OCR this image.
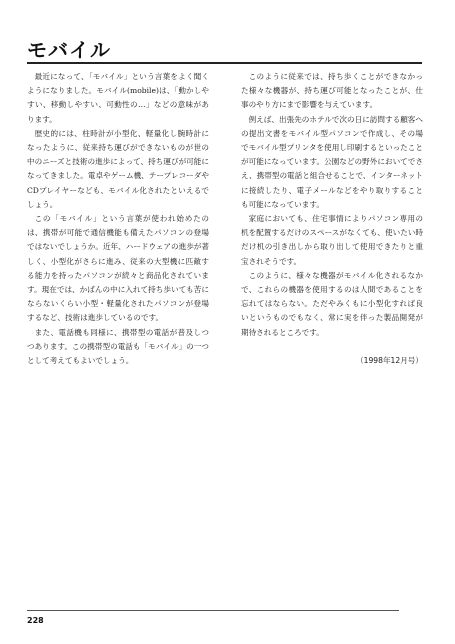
モバイル

最近になって、「モバイル」という言葉をよく聞くようになりました。モバイル(mobile)は、「動かしやすい、移動しやすい、可動性の…」などの意味があります。

歴史的には、柱時計が小型化、軽量化し腕時計になったように、従来持ち運びができないものが世の中のニーズと技術の進歩によって、持ち運びが可能になってきました。電卓やゲーム機、テープレコーダやCDプレイヤーなども、モバイル化されたといえるでしょう。

この「モバイル」という言葉が使われ始めたのは、携帯が可能で通信機能も備えたパソコンの登場ではないでしょうか。近年、ハードウェアの進歩が著しく、小型化がさらに進み、従来の大型機に匹敵する能力を持ったパソコンが続々と商品化されています。現在では、かばんの中に入れて持ち歩いても苦にならないくらい小型・軽量化されたパソコンが登場するなど、技術は進歩しているのです。

また、電話機も同様に、携帯型の電話が普及しつつあります。この携帯型の電話も「モバイル」の一つとして考えてもよいでしょう。

このように従来では、持ち歩くことができなかった様々な機器が、持ち運び可能となったことが、仕事のやり方にまで影響を与えています。

例えば、出張先のホテルで次の日に訪問する顧客への提出文書をモバイル型パソコンで作成し、その場でモバイル型プリンタを使用し印刷するといったことが可能になっています。公園などの野外においてでさえ、携帯型の電話と組合せることで、インターネットに接続したり、電子メールなどをやり取りすることも可能になっています。

家庭においても、住宅事情によりパソコン専用の机を配置するだけのスペースがなくても、使いたい時だけ机の引き出しから取り出して使用できたりと重宝されそうです。

このように、様々な機器がモバイル化されるなかで、これらの機器を使用するのは人間であることを忘れてはならない。ただやみくもに小型化すれば良いというものでもなく、常に実を伴った製品開発が期待されるところです。

（1998年12月号）
228
